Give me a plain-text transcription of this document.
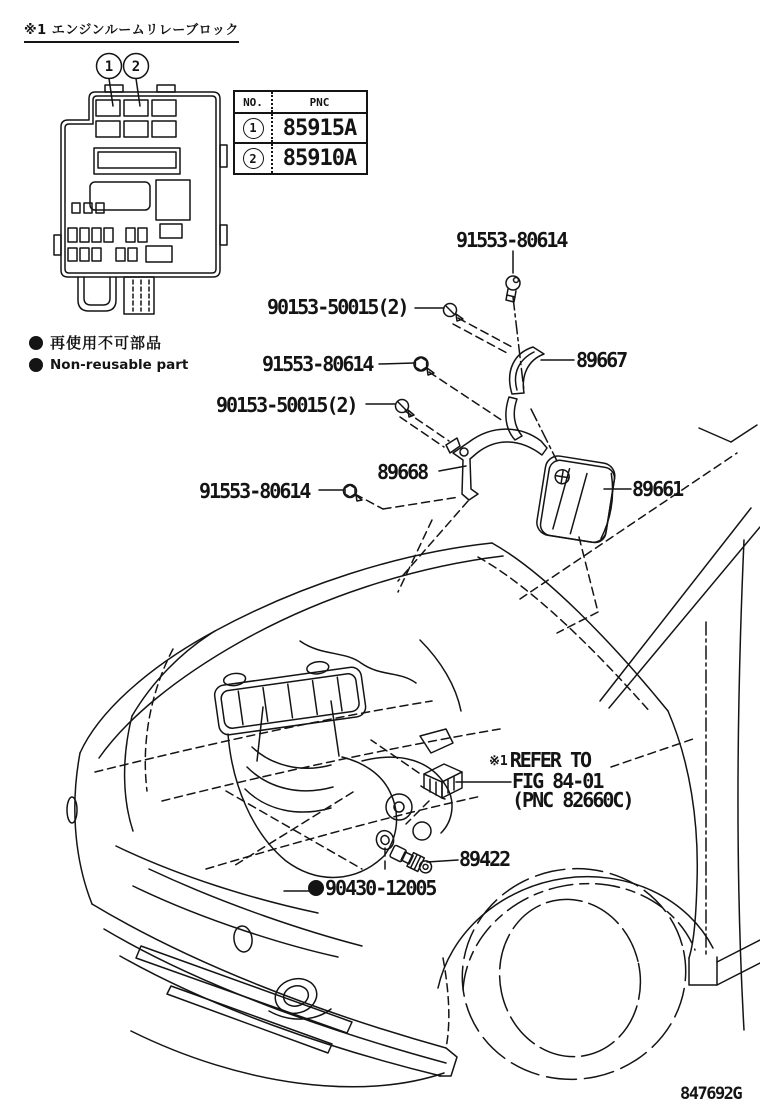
1 2
※1 エンジンルームリレーブロック
NO.	PNC
1	85915A
2	85910A
再使用不可部品
Non-reusable part
91553-80614
90153-50015(2)
91553-80614	89667
90153-50015(2)
89668
91553-80614	89661
89422
90430-12005
※1 REFER TO
FIG 84-01
(PNC 82660C)
847692G
